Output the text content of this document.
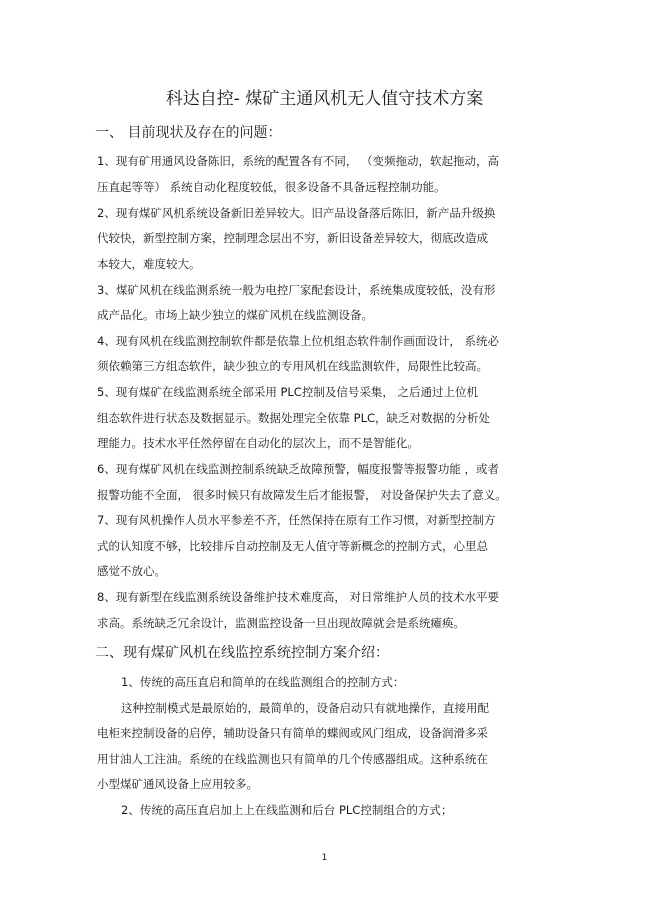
科达自控- 煤矿主通风机无人值守技术方案
一、 目前现状及存在的问题：
1、现有矿用通风设备陈旧，系统的配置各有不同， （变频拖动，软起拖动，高
压直起等等） 系统自动化程度较低，很多设备不具备远程控制功能。
2、现有煤矿风机系统设备新旧差异较大。旧产品设备落后陈旧，新产品升级换
代较快，新型控制方案，控制理念层出不穷，新旧设备差异较大，彻底改造成
本较大，难度较大。
3、煤矿风机在线监测系统一般为电控厂家配套设计，系统集成度较低，没有形
成产品化。市场上缺少独立的煤矿风机在线监测设备。
4、现有风机在线监测控制软件都是依靠上位机组态软件制作画面设计， 系统必
须依赖第三方组态软件，缺少独立的专用风机在线监测软件，局限性比较高。
5、现有煤矿在线监测系统全部采用 PLC控制及信号采集， 之后通过上位机
组态软件进行状态及数据显示。数据处理完全依靠 PLC，缺乏对数据的分析处
理能力。技术水平任然停留在自动化的层次上，而不是智能化。
6、现有煤矿风机在线监测控制系统缺乏故障预警，幅度报警等报警功能 ，或者
报警功能不全面， 很多时候只有故障发生后才能报警， 对设备保护失去了意义。
7、现有风机操作人员水平参差不齐，任然保持在原有工作习惯，对新型控制方
式的认知度不够，比较排斥自动控制及无人值守等新概念的控制方式，心里总
感觉不放心。
8、现有新型在线监测系统设备维护技术难度高， 对日常维护人员的技术水平要
求高。系统缺乏冗余设计，监测监控设备一旦出现故障就会是系统瘫痪。
二、现有煤矿风机在线监控系统控制方案介绍：
1、传统的高压直启和简单的在线监测组合的控制方式：
这种控制模式是最原始的，最简单的，设备启动只有就地操作，直接用配
电柜来控制设备的启停，辅助设备只有简单的蝶阀或风门组成，设备润滑多采
用甘油人工注油。系统的在线监测也只有简单的几个传感器组成。这种系统在
小型煤矿通风设备上应用较多。
2、传统的高压直启加上上在线监测和后台 PLC控制组合的方式；
1
